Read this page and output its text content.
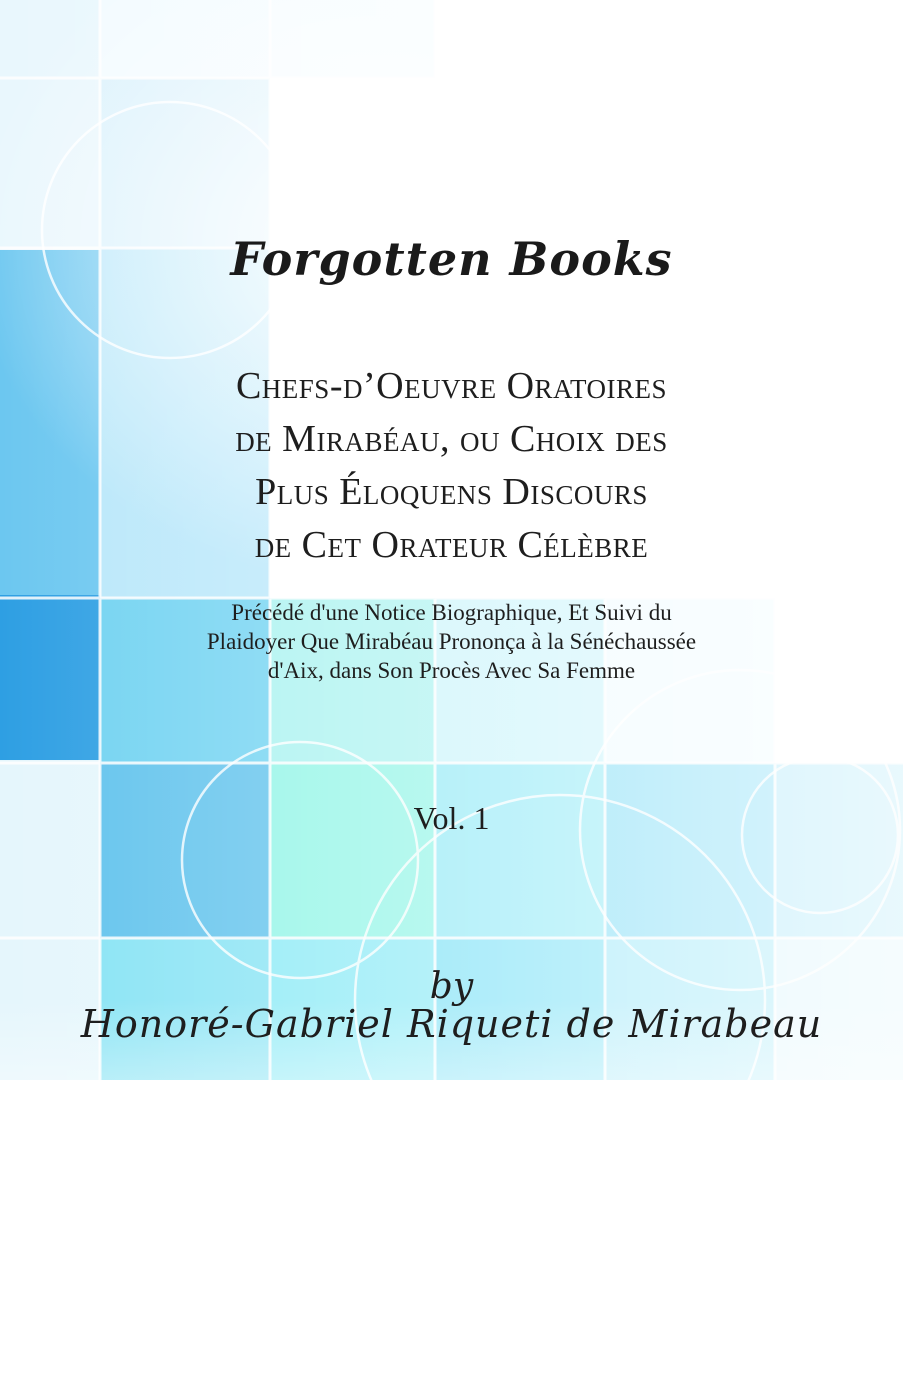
Forgotten Books
Chefs-d’Oeuvre Oratoires
de Mirabéau, ou Choix des
Plus Éloquens Discours
de Cet Orateur Célèbre
Précédé d'une Notice Biographique, Et Suivi du
Plaidoyer Que Mirabéau Prononça à la Sénéchaussée
d'Aix, dans Son Procès Avec Sa Femme
Vol. 1
by
Honoré-Gabriel Riqueti de Mirabeau
